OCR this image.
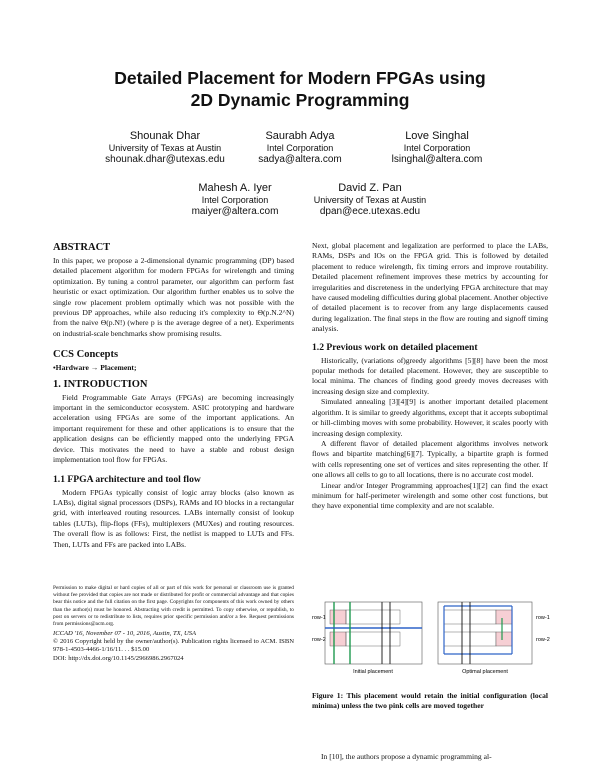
Detailed Placement for Modern FPGAs using
2D Dynamic Programming
Shounak Dhar
University of Texas at Austin
shounak.dhar@utexas.edu
Saurabh Adya
Intel Corporation
sadya@altera.com
Love Singhal
Intel Corporation
lsinghal@altera.com
Mahesh A. Iyer
Intel Corporation
maiyer@altera.com
David Z. Pan
University of Texas at Austin
dpan@ece.utexas.edu

ABSTRACT

In this paper, we propose a 2-dimensional dynamic programming (DP) based detailed placement algorithm for modern FPGAs for wirelength and timing optimization. By tuning a control parameter, our algorithm can perform fast heuristic or exact optimization. Our algorithm further enables us to solve the single row placement problem optimally which was not possible with the previous DP approaches, while also reducing it's complexity to Θ(p.N.2^N) from the naive Θ(p.N!) (where p is the average degree of a net). Experiments on industrial-scale benchmarks show promising results.

CCS Concepts

•Hardware → Placement;

1. INTRODUCTION

Field Programmable Gate Arrays (FPGAs) are becoming increasingly important in the semiconductor ecosystem. ASIC prototyping and hardware acceleration using FPGAs are some of the important applications. An important requirement for these and other applications is to ensure that the application designs can be efficiently mapped onto the underlying FPGA device. This motivates the need to have a stable and robust design implementation tool flow for FPGAs.

1.1 FPGA architecture and tool flow

Modern FPGAs typically consist of logic array blocks (also known as LABs), digital signal processors (DSPs), RAMs and IO blocks in a rectangular grid, with interleaved routing resources. LABs internally consist of lookup tables (LUTs), flip-flops (FFs), multiplexers (MUXes) and routing resources. The overall flow is as follows: First, the netlist is mapped to LUTs and FFs. Then, LUTs and FFs are packed into LABs.

Permission to make digital or hard copies of all or part of this work for personal or classroom use is granted without fee provided that copies are not made or distributed for profit or commercial advantage and that copies bear this notice and the full citation on the first page. Copyrights for components of this work owned by others than the author(s) must be honored. Abstracting with credit is permitted. To copy otherwise, or republish, to post on servers or to redistribute to lists, requires prior specific permission and/or a fee. Request permissions from permissions@acm.org.

ICCAD '16, November 07 - 10, 2016, Austin, TX, USA

© 2016 Copyright held by the owner/author(s). Publication rights licensed to ACM. ISBN 978-1-4503-4466-1/16/11. . . $15.00

DOI: http://dx.doi.org/10.1145/2966986.2967024

Next, global placement and legalization are performed to place the LABs, RAMs, DSPs and IOs on the FPGA grid. This is followed by detailed placement to reduce wirelength, fix timing errors and improve routability. Detailed placement refinement improves these metrics by accounting for irregularities and discreteness in the underlying FPGA architecture that may have caused modeling difficulties during global placement. Another objective of detailed placement is to recover from any large displacements caused during legalization. The final steps in the flow are routing and signoff timing analysis.

1.2 Previous work on detailed placement

Historically, (variations of)greedy algorithms [5][8] have been the most popular methods for detailed placement. However, they are susceptible to local minima. The chances of finding good greedy moves decreases with increasing design size and complexity.

Simulated annealing [3][4][9] is another important detailed placement algorithm. It is similar to greedy algorithms, except that it accepts suboptimal or hill-climbing moves with some probability. However, it scales poorly with increasing design complexity.

A different flavor of detailed placement algorithms involves network flows and bipartite matching[6][7]. Typically, a bipartite graph is formed with cells representing one set of vertices and sites representing the other. If one allows all cells to go to all locations, there is no accurate cost model.

Linear and/or Integer Programming approaches[1][2] can find the exact minimum for half-perimeter wirelength and some other cost functions, but they have exponential time complexity and are not scalable.

row-1
row-2
Initial placement
row-1
row-2
Optimal placement

Figure 1: This placement would retain the initial configuration (local minima) unless the two pink cells are moved together

In [10], the authors propose a dynamic programming al-
